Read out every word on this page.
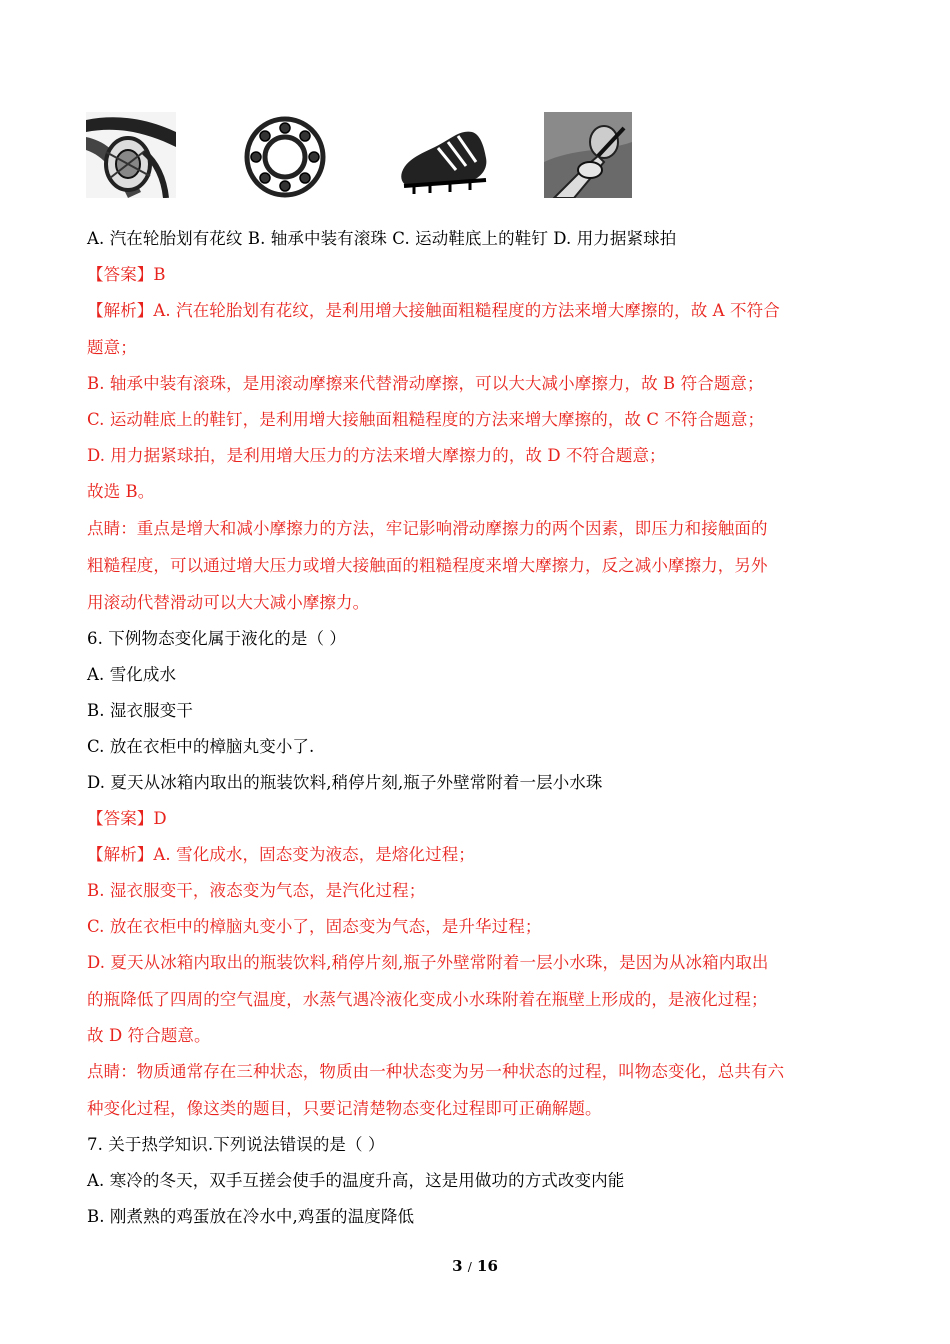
A. 汽在轮胎划有花纹 B. 轴承中装有滚珠 C. 运动鞋底上的鞋钉 D. 用力据紧球拍
【答案】B
【解析】A. 汽在轮胎划有花纹，是利用增大接触面粗糙程度的方法来增大摩擦的，故 A 不符合
题意；
B. 轴承中装有滚珠，是用滚动摩擦来代替滑动摩擦，可以大大减小摩擦力，故 B 符合题意；
C. 运动鞋底上的鞋钉，是利用增大接触面粗糙程度的方法来增大摩擦的，故 C 不符合题意；
D. 用力据紧球拍，是利用增大压力的方法来增大摩擦力的，故 D 不符合题意；
故选 B。
点睛：重点是增大和减小摩擦力的方法，牢记影响滑动摩擦力的两个因素，即压力和接触面的
粗糙程度，可以通过增大压力或增大接触面的粗糙程度来增大摩擦力，反之减小摩擦力，另外
用滚动代替滑动可以大大减小摩擦力。
6. 下例物态变化属于液化的是（ ）
A. 雪化成水
B. 湿衣服变干
C. 放在衣柜中的樟脑丸变小了.
D. 夏天从冰箱内取出的瓶装饮料,稍停片刻,瓶子外壁常附着一层小水珠
【答案】D
【解析】A. 雪化成水，固态变为液态，是熔化过程；
B. 湿衣服变干，液态变为气态，是汽化过程；
C. 放在衣柜中的樟脑丸变小了，固态变为气态，是升华过程；
D. 夏天从冰箱内取出的瓶装饮料,稍停片刻,瓶子外壁常附着一层小水珠，是因为从冰箱内取出
的瓶降低了四周的空气温度，水蒸气遇冷液化变成小水珠附着在瓶壁上形成的，是液化过程；
故 D 符合题意。
点睛：物质通常存在三种状态，物质由一种状态变为另一种状态的过程，叫物态变化，总共有六
种变化过程，像这类的题目，只要记清楚物态变化过程即可正确解题。
7. 关于热学知识.下列说法错误的是（ ）
A. 寒冷的冬天，双手互搓会使手的温度升高，这是用做功的方式改变内能
B. 刚煮熟的鸡蛋放在冷水中,鸡蛋的温度降低
3 / 16
